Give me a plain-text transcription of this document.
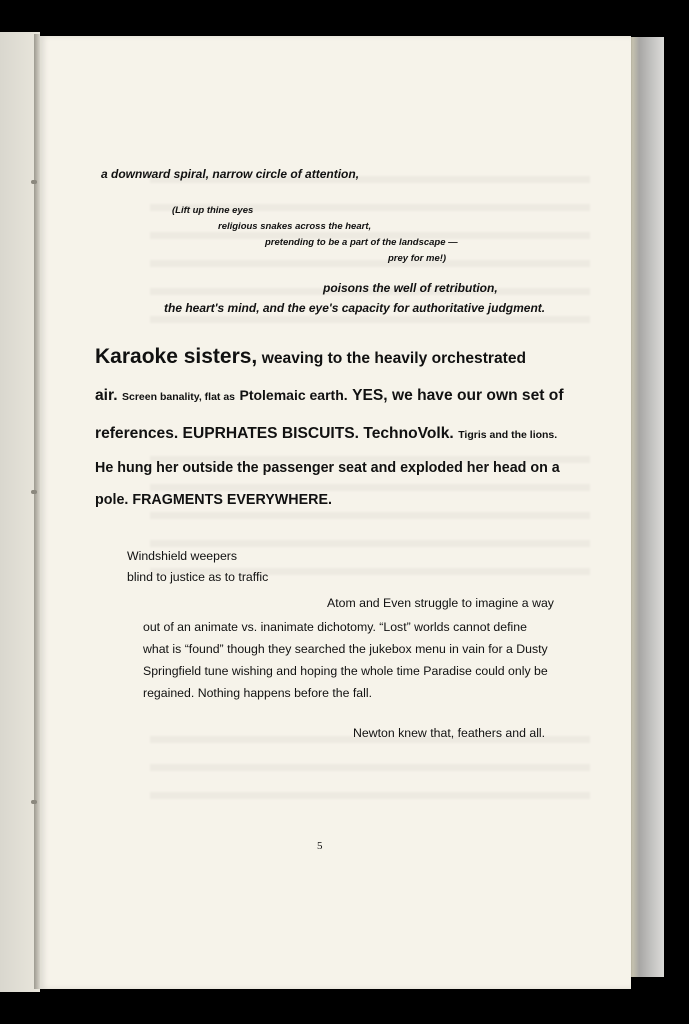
a downward spiral, narrow circle of attention,

(Lift up thine eyes

religious snakes across the heart,

pretending to be a part of the landscape —

prey for me!)

poisons the well of retribution,

the heart's mind, and the eye's capacity for authoritative judgment.

Karaoke sisters, weaving to the heavily orchestrated

air. Screen banality, flat as Ptolemaic earth. YES, we have our own set of

references. EUPRHATES BISCUITS. TechnoVolk. Tigris and the lions.

He hung her outside the passenger seat and exploded her head on a

pole. FRAGMENTS EVERYWHERE.

Windshield weepers

blind to justice as to traffic

Atom and Even struggle to imagine a way

out of an animate vs. inanimate dichotomy. “Lost” worlds cannot define

what is “found” though they searched the jukebox menu in vain for a Dusty

Springfield tune wishing and hoping the whole time Paradise could only be

regained. Nothing happens before the fall.

Newton knew that, feathers and all.

5
